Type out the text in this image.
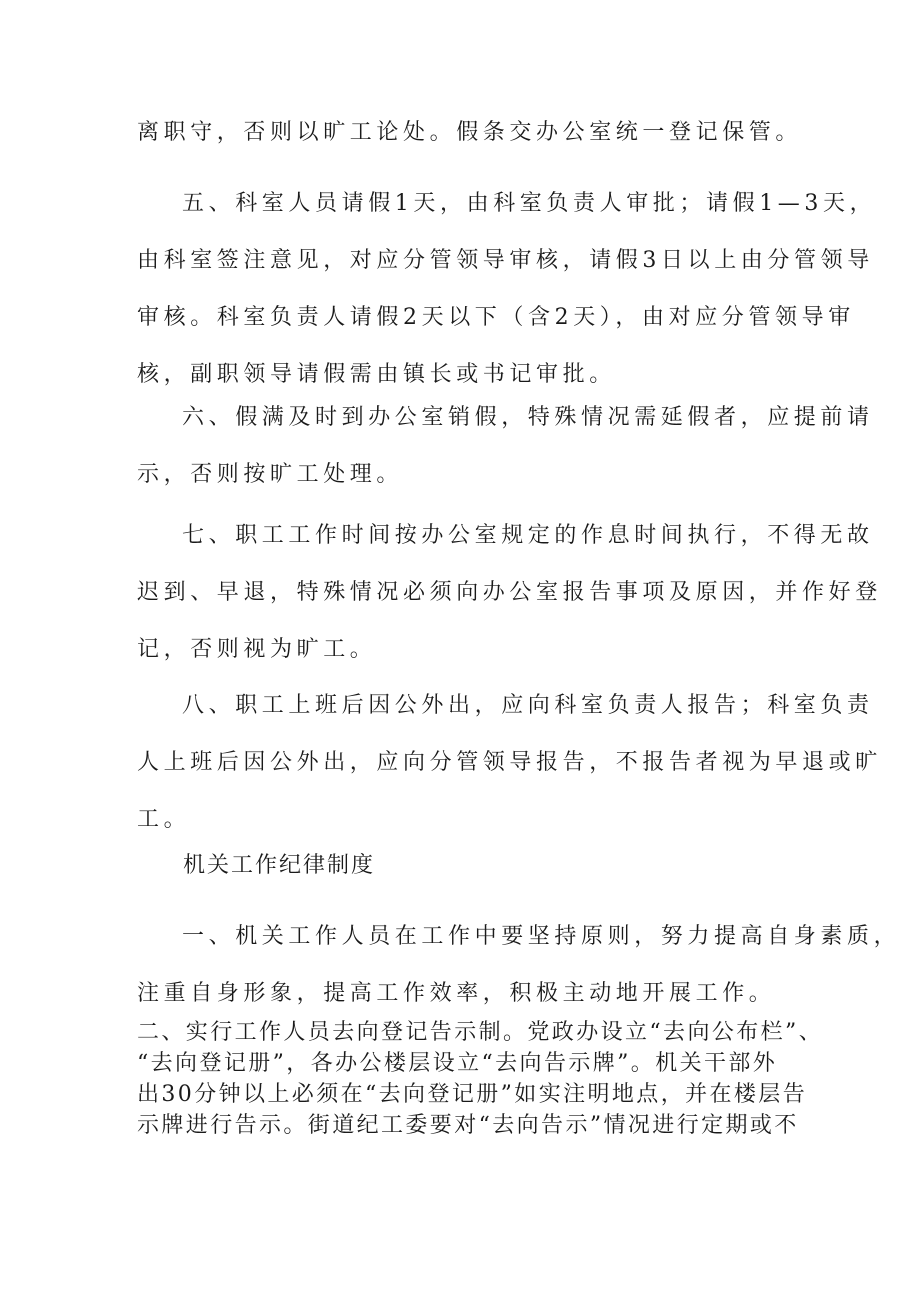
离职守，否则以旷工论处。假条交办公室统一登记保管。
五、科室人员请假1天，由科室负责人审批；请假1—3天，
由科室签注意见，对应分管领导审核，请假3日以上由分管领导
审核。科室负责人请假2天以下（含2天），由对应分管领导审
核，副职领导请假需由镇长或书记审批。
六、假满及时到办公室销假，特殊情况需延假者，应提前请
示，否则按旷工处理。
七、职工工作时间按办公室规定的作息时间执行，不得无故
迟到、早退，特殊情况必须向办公室报告事项及原因，并作好登
记，否则视为旷工。
八、职工上班后因公外出，应向科室负责人报告；科室负责
人上班后因公外出，应向分管领导报告，不报告者视为早退或旷
工。
机关工作纪律制度
一、机关工作人员在工作中要坚持原则，努力提高自身素质，
注重自身形象，提高工作效率，积极主动地开展工作。
二、实行工作人员去向登记告示制。党政办设立“去向公布栏”、
“去向登记册”，各办公楼层设立“去向告示牌”。机关干部外
出30分钟以上必须在“去向登记册”如实注明地点，并在楼层告
示牌进行告示。街道纪工委要对“去向告示”情况进行定期或不
